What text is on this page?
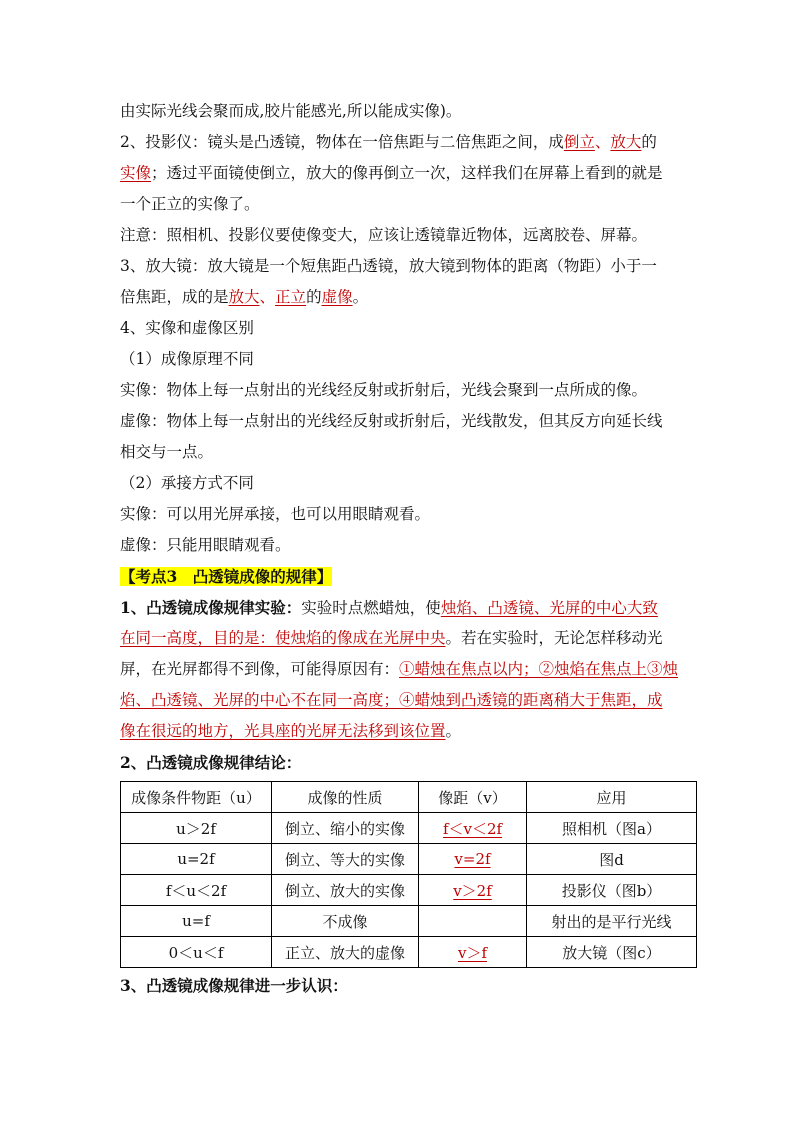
由实际光线会聚而成,胶片能感光,所以能成实像)。
2、投影仪：镜头是凸透镜，物体在一倍焦距与二倍焦距之间，成倒立、放大的
实像；透过平面镜使倒立，放大的像再倒立一次，这样我们在屏幕上看到的就是
一个正立的实像了。
注意：照相机、投影仪要使像变大，应该让透镜靠近物体，远离胶卷、屏幕。
3、放大镜：放大镜是一个短焦距凸透镜，放大镜到物体的距离（物距）小于一
倍焦距，成的是放大、正立的虚像。
4、实像和虚像区别
（1）成像原理不同
实像：物体上每一点射出的光线经反射或折射后，光线会聚到一点所成的像。
虚像：物体上每一点射出的光线经反射或折射后，光线散发，但其反方向延长线
相交与一点。
（2）承接方式不同
实像：可以用光屏承接，也可以用眼睛观看。
虚像：只能用眼睛观看。
【考点3　凸透镜成像的规律】
1、凸透镜成像规律实验：实验时点燃蜡烛，使烛焰、凸透镜、光屏的中心大致
在同一高度，目的是：使烛焰的像成在光屏中央。若在实验时，无论怎样移动光
屏，在光屏都得不到像，可能得原因有：①蜡烛在焦点以内；②烛焰在焦点上③烛
焰、凸透镜、光屏的中心不在同一高度；④蜡烛到凸透镜的距离稍大于焦距，成
像在很远的地方，光具座的光屏无法移到该位置。
2、凸透镜成像规律结论：
成像条件物距（u）	成像的性质	像距（v）	应用
u＞2f	倒立、缩小的实像	f＜v＜2f	照相机（图a）
u=2f	倒立、等大的实像	v=2f	图d
f＜u＜2f	倒立、放大的实像	v＞2f	投影仪（图b）
u=f	不成像		射出的是平行光线
0＜u＜f	正立、放大的虚像	v＞f	放大镜（图c）
3、凸透镜成像规律进一步认识：
